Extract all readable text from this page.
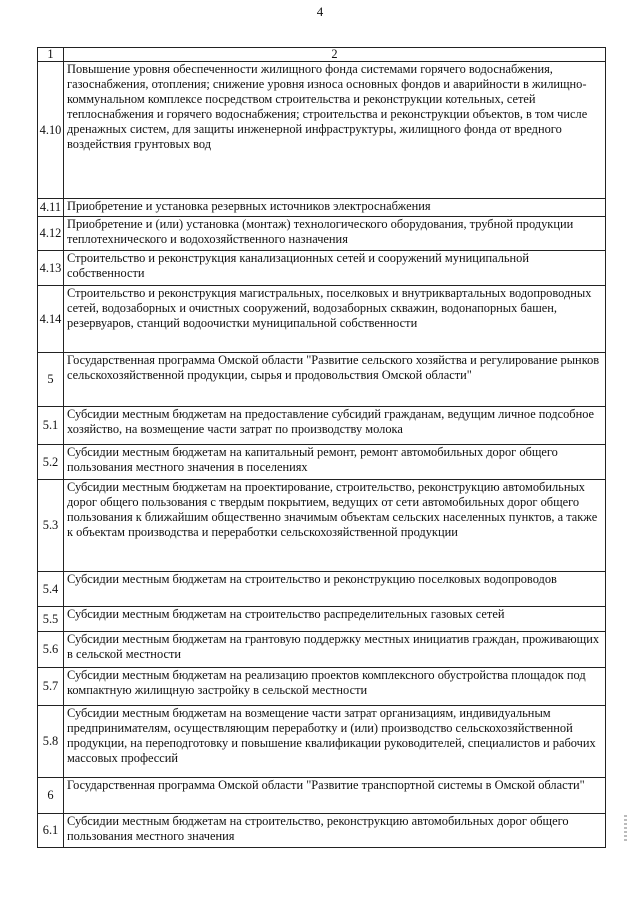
4
1	2
4.10	Повышение уровня обеспеченности жилищного фонда системами горячего водоснабжения, газоснабжения, отопления; снижение уровня износа основных фондов и аварийности в жилищно-коммунальном комплексе посредством строительства и реконструкции котельных, сетей теплоснабжения и горячего водоснабжения; строительства и реконструкции объектов, в том числе дренажных систем, для защиты инженерной инфраструктуры, жилищного фонда от вредного воздействия грунтовых вод
4.11	Приобретение и установка резервных источников электроснабжения
4.12	Приобретение и (или) установка (монтаж) технологического оборудования, трубной продукции теплотехнического и водохозяйственного назначения
4.13	Строительство и реконструкция канализационных сетей и сооружений муниципальной собственности
4.14	Строительство и реконструкция магистральных, поселковых и внутриквартальных водопроводных сетей, водозаборных и очистных сооружений, водозаборных скважин, водонапорных башен, резервуаров, станций водоочистки муниципальной собственности
5	Государственная программа Омской области "Развитие сельского хозяйства и регулирование рынков сельскохозяйственной продукции, сырья и продовольствия Омской области"
5.1	Субсидии местным бюджетам на предоставление субсидий гражданам, ведущим личное подсобное хозяйство, на возмещение части затрат по производству молока
5.2	Субсидии местным бюджетам на капитальный ремонт, ремонт автомобильных дорог общего пользования местного значения в поселениях
5.3	Субсидии местным бюджетам на проектирование, строительство, реконструкцию автомобильных дорог общего пользования с твердым покрытием, ведущих от сети автомобильных дорог общего пользования к ближайшим общественно значимым объектам сельских населенных пунктов, а также к объектам производства и переработки сельскохозяйственной продукции
5.4	Субсидии местным бюджетам на строительство и реконструкцию поселковых водопроводов
5.5	Субсидии местным бюджетам на строительство распределительных газовых сетей
5.6	Субсидии местным бюджетам на грантовую поддержку местных инициатив граждан, проживающих в сельской местности
5.7	Субсидии местным бюджетам на реализацию проектов комплексного обустройства площадок под компактную жилищную застройку в сельской местности
5.8	Субсидии местным бюджетам на возмещение части затрат организациям, индивидуальным предпринимателям, осуществляющим переработку и (или) производство сельскохозяйственной продукции, на переподготовку и повышение квалификации руководителей, специалистов и рабочих массовых профессий
6	Государственная программа Омской области "Развитие транспортной системы в Омской области"
6.1	Субсидии местным бюджетам на строительство, реконструкцию автомобильных дорог общего пользования местного значения
